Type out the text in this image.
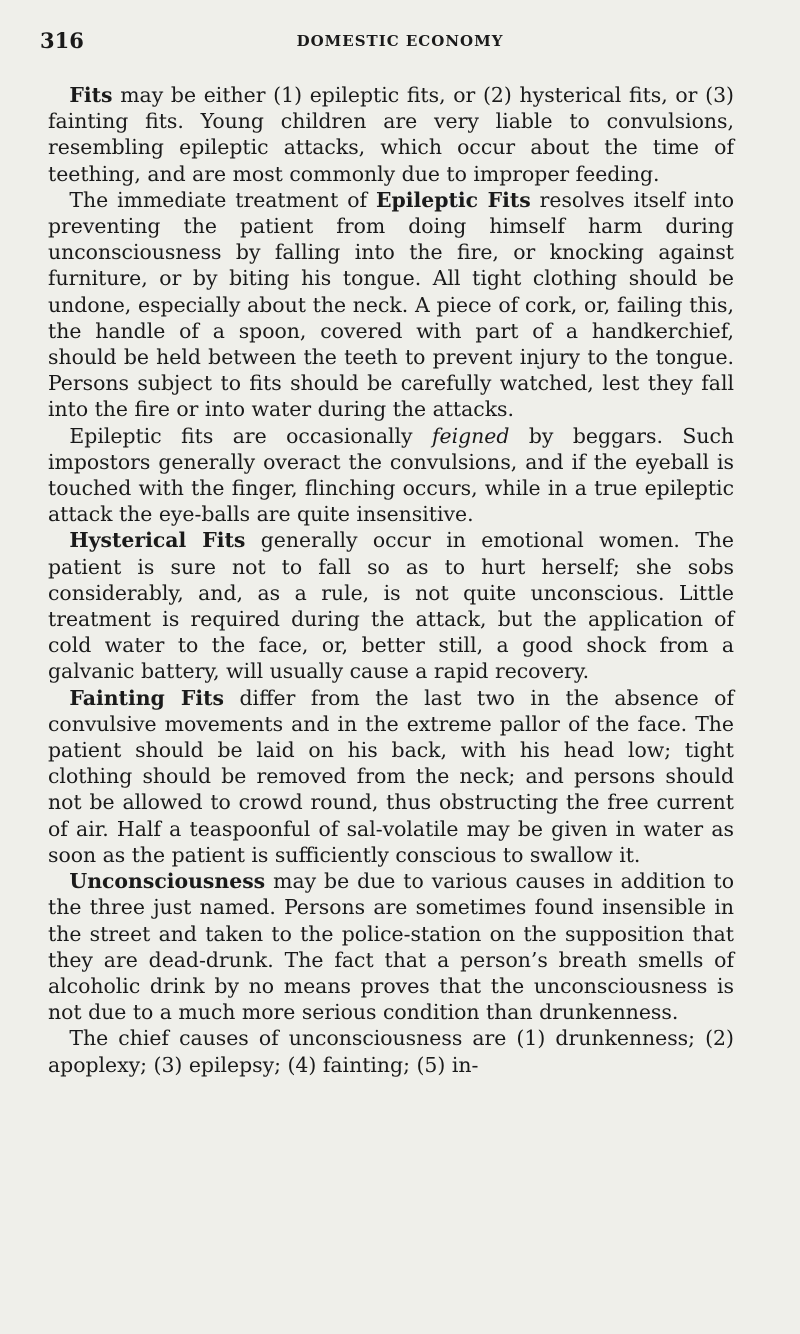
316	DOMESTIC ECONOMY

Fits may be either (1) epileptic fits, or (2) hysterical fits, or (3) fainting fits. Young children are very liable to convulsions, resembling epileptic attacks, which occur about the time of teething, and are most commonly due to improper feeding.

The immediate treatment of Epileptic Fits resolves itself into preventing the patient from doing himself harm during unconsciousness by falling into the fire, or knocking against furniture, or by biting his tongue. All tight clothing should be undone, especially about the neck. A piece of cork, or, failing this, the handle of a spoon, covered with part of a handkerchief, should be held between the teeth to prevent injury to the tongue. Persons subject to fits should be carefully watched, lest they fall into the fire or into water during the attacks.

Epileptic fits are occasionally feigned by beggars. Such impostors generally overact the convulsions, and if the eyeball is touched with the finger, flinching occurs, while in a true epileptic attack the eye-balls are quite insensitive.

Hysterical Fits generally occur in emotional women. The patient is sure not to fall so as to hurt herself; she sobs considerably, and, as a rule, is not quite unconscious. Little treatment is required during the attack, but the application of cold water to the face, or, better still, a good shock from a galvanic battery, will usually cause a rapid recovery.

Fainting Fits differ from the last two in the absence of convulsive movements and in the extreme pallor of the face. The patient should be laid on his back, with his head low; tight clothing should be removed from the neck; and persons should not be allowed to crowd round, thus obstructing the free current of air. Half a teaspoonful of sal-volatile may be given in water as soon as the patient is sufficiently conscious to swallow it.

Unconsciousness may be due to various causes in addition to the three just named. Persons are sometimes found insensible in the street and taken to the police-station on the supposition that they are dead-drunk. The fact that a person’s breath smells of alcoholic drink by no means proves that the unconsciousness is not due to a much more serious condition than drunkenness.

The chief causes of unconsciousness are (1) drunkenness; (2) apoplexy; (3) epilepsy; (4) fainting; (5) in-
